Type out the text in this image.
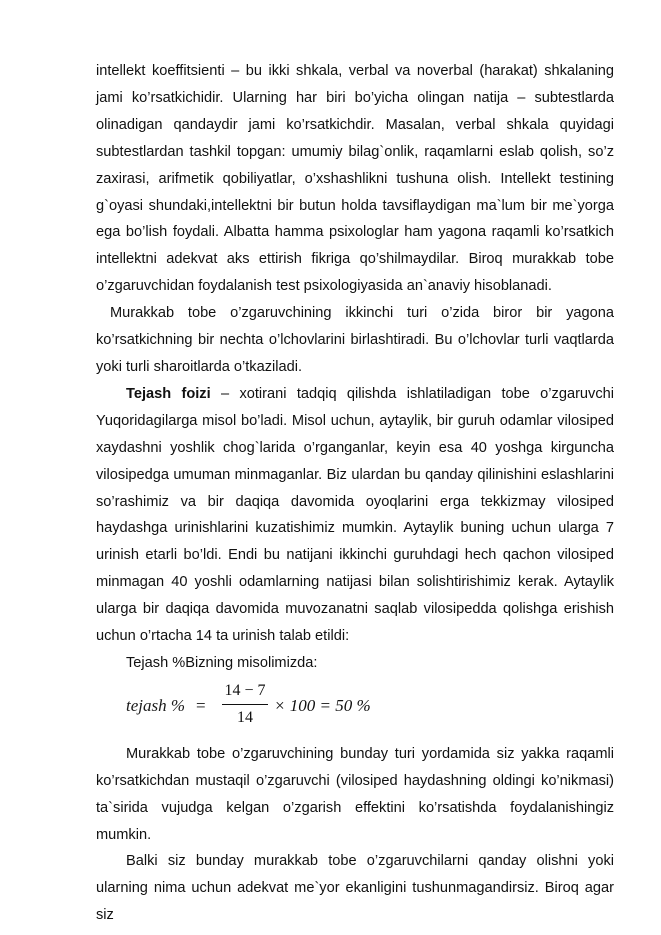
intellekt koeffitsienti – bu ikki shkala, verbal va noverbal (harakat) shkalaning jami ko’rsatkichidir. Ularning har biri bo’yicha olingan natija – subtestlarda olinadigan qandaydir jami ko’rsatkichdir. Masalan, verbal shkala quyidagi subtestlardan tashkil topgan: umumiy bilag`onlik, raqamlarni eslab qolish, so’z zaxirasi, arifmetik qobiliyatlar, o’xshashlikni tushuna olish. Intellekt testining g`oyasi shundaki,intellektni bir butun holda tavsiflaydigan ma`lum bir me`yorga ega bo’lish foydali. Albatta hamma psixologlar ham yagona raqamli ko’rsatkich intellektni adekvat aks ettirish fikriga qo’shilmaydilar. Biroq murakkab tobe o’zgaruvchidan foydalanish test psixologiyasida an`anaviy hisoblanadi.

Murakkab tobe o’zgaruvchining ikkinchi turi o’zida biror bir yagona ko’rsatkichning bir nechta o’lchovlarini birlashtiradi. Bu o’lchovlar turli vaqtlarda yoki turli sharoitlarda o’tkaziladi.

Tejash foizi – xotirani tadqiq qilishda ishlatiladigan tobe o’zgaruvchi Yuqoridagilarga misol bo’ladi. Misol uchun, aytaylik, bir guruh odamlar vilosiped xaydashni yoshlik chog`larida o’rganganlar, keyin esa 40 yoshga kirguncha vilosipedga umuman minmaganlar. Biz ulardan bu qanday qilinishini eslashlarini so’rashimiz va bir daqiqa davomida oyoqlarini erga tekkizmay vilosiped haydashga urinishlarini kuzatishimiz mumkin. Aytaylik buning uchun ularga 7 urinish etarli bo’ldi. Endi bu natijani ikkinchi guruhdagi hech qachon vilosiped minmagan 40 yoshli odamlarning natijasi bilan solishtirishimiz kerak. Aytaylik ularga bir daqiqa davomida muvozanatni saqlab vilosipedda qolishga erishish uchun o’rtacha 14 ta urinish talab etildi:

Tejash %Bizning misolimizda:

tejash % =
14 − 7
14
× 100 = 50 %

Murakkab tobe o’zgaruvchining bunday turi yordamida siz yakka raqamli ko’rsatkichdan mustaqil o’zgaruvchi (vilosiped haydashning oldingi ko’nikmasi) ta`sirida vujudga kelgan o’zgarish effektini ko’rsatishda foydalanishingiz mumkin.

Balki siz bunday murakkab tobe o’zgaruvchilarni qanday olishni yoki ularning nima uchun adekvat me`yor ekanligini tushunmagandirsiz. Biroq agar siz
